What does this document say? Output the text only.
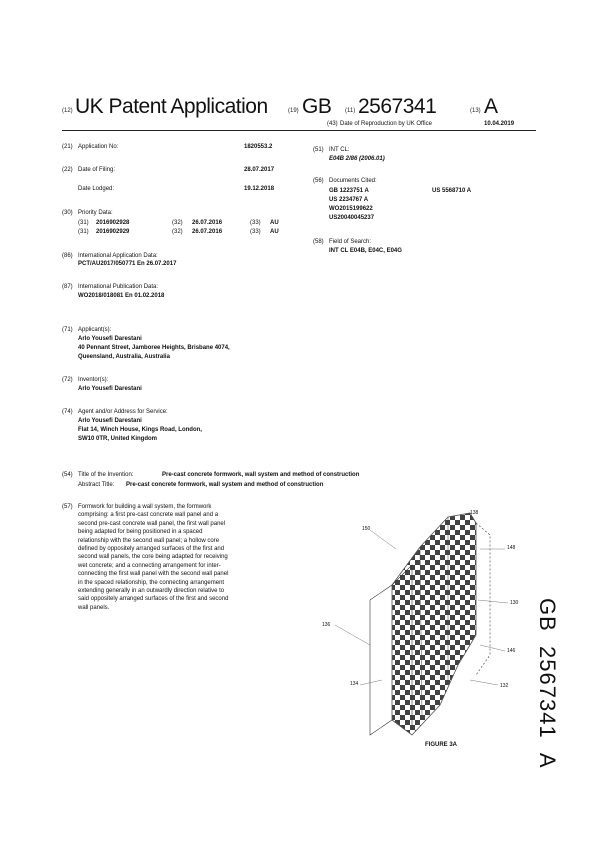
(12) UK Patent Application	(19) GB (11) 2567341	(13) A
(43) Date of Reproduction by UK Office	10.04.2019
(21) Application No:	1820553.2
(22) Date of Filing:	28.07.2017
Date Lodged:	19.12.2018
(30) Priority Data:
(31) 2016902928	(32) 26.07.2016	(33) AU
(31) 2016902929	(32) 26.07.2016	(33) AU
(86) International Application Data:
PCT/AU2017/050771 En 26.07.2017
(87) International Publication Data:
WO2018/018081 En 01.02.2018
(71) Applicant(s):
Arlo Yousefi Darestani
40 Pennant Street, Jamboree Heights, Brisbane 4074,
Queensland, Australia, Australia
(72) Inventor(s):
Arlo Yousefi Darestani
(74) Agent and/or Address for Service:
Arlo Yousefi Darestani
Flat 14, Winch House, Kings Road, London,
SW10 0TR, United Kingdom
(51) INT CL:
E04B 2/86 (2006.01)
(56) Documents Cited:
GB 1223751 A
US 2234767 A
WO2015199622
US20040045237
US 5568710 A
(58) Field of Search:
INT CL E04B, E04C, E04G
(54) Title of the Invention:	Pre-cast concrete formwork, wall system and method of construction
Abstract Title: Pre-cast concrete formwork, wall system and method of construction
(57) Formwork for building a wall system, the formwork
comprising: a first pre-cast concrete wall panel and a
second pre-cast concrete wall panel, the first wall panel
being adapted for being positioned in a spaced
relationship with the second wall panel; a hollow core
defined by oppositely arranged surfaces of the first and
second wall panels, the core being adapted for receiving
wet concrete; and a connecting arrangement for inter-
connecting the first wall panel with the second wall panel
in the spaced relationship, the connecting arrangement
extending generally in an outwardly direction relative to
said oppositely arranged surfaces of the first and second
wall panels.
150
148
130
146
132
134
136
138
FIGURE 3A
GB  2567341  A
